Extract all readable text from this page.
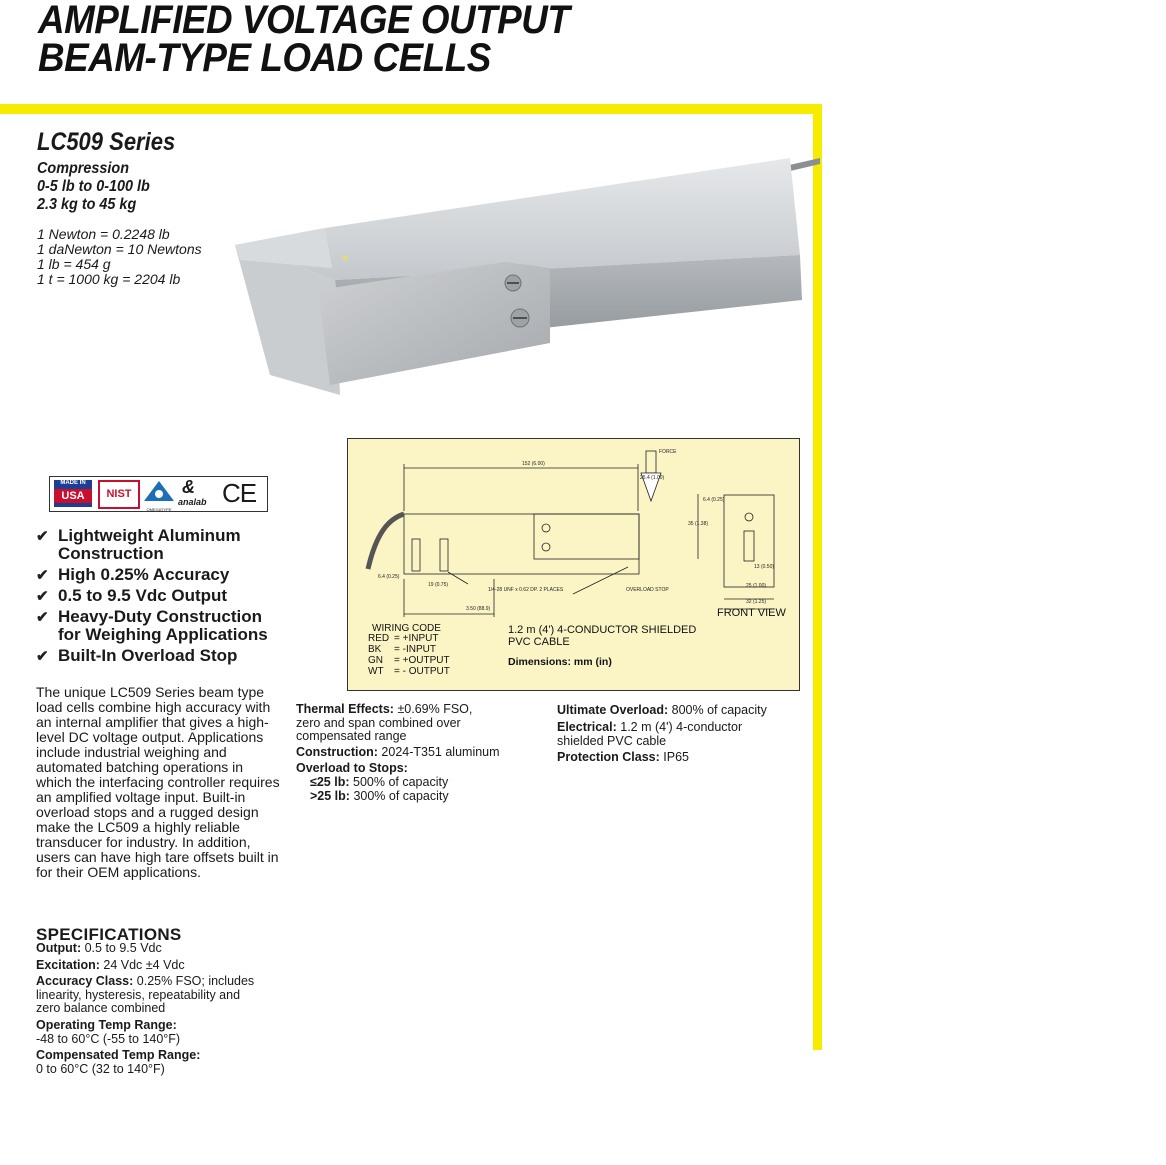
AMPLIFIED VOLTAGE OUTPUT
BEAM-TYPE LOAD CELLS
LC509 Series
Compression
0-5 lb to 0-100 lb
2.3 kg to 45 kg
1 Newton = 0.2248 lb
1 daNewton = 10 Newtons
1 lb = 454 g
1 t = 1000 kg = 2204 lb
MADE IN
USA	NIST
OMEGATYPE
&
analab CE
✔ Lightweight Aluminum
Construction
✔ High 0.25% Accuracy
✔ 0.5 to 9.5 Vdc Output
✔ Heavy-Duty Construction
for Weighing Applications
✔ Built-In Overload Stop
The unique LC509 Series beam type load cells combine high accuracy with an internal amplifier that gives a high-level DC voltage output. Applications include industrial weighing and automated batching operations in which the interfacing controller requires an amplified voltage input. Built-in overload stops and a rugged design make the LC509 a highly reliable transducer for industry. In addition, users can have high tare offsets built in for their OEM applications.
SPECIFICATIONS
Output: 0.5 to 9.5 Vdc
Excitation: 24 Vdc ±4 Vdc
Accuracy Class: 0.25% FSO; includes
linearity, hysteresis, repeatability and
zero balance combined
Operating Temp Range:
-48 to 60°C (-55 to 140°F)
Compensated Temp Range:
0 to 60°C (32 to 140°F)
Thermal Effects: ±0.69% FSO,
zero and span combined over
compensated range
Construction: 2024-T351 aluminum
Overload to Stops:
≤25 lb: 500% of capacity
>25 lb: 300% of capacity
Ultimate Overload: 800% of capacity
Electrical: 1.2 m (4') 4-conductor
shielded PVC cable
Protection Class: IP65
FORCE
152 (6.00)
25.4 (1.00)
6.4 (0.25)
35 (1.38)
6.4 (0.25)
19 (0.75)
1/4-28 UNF x 0.62 DP. 2 PLACES	OVERLOAD STOP
3.50 (88.9)
13 (0.50)
25 (1.00)
32 (1.25)
FRONT VIEW
WIRING CODE
RED = +INPUT
BK = -INPUT
GN = +OUTPUT
WT = - OUTPUT
1.2 m (4') 4-CONDUCTOR SHIELDED
PVC CABLE
Dimensions: mm (in)
